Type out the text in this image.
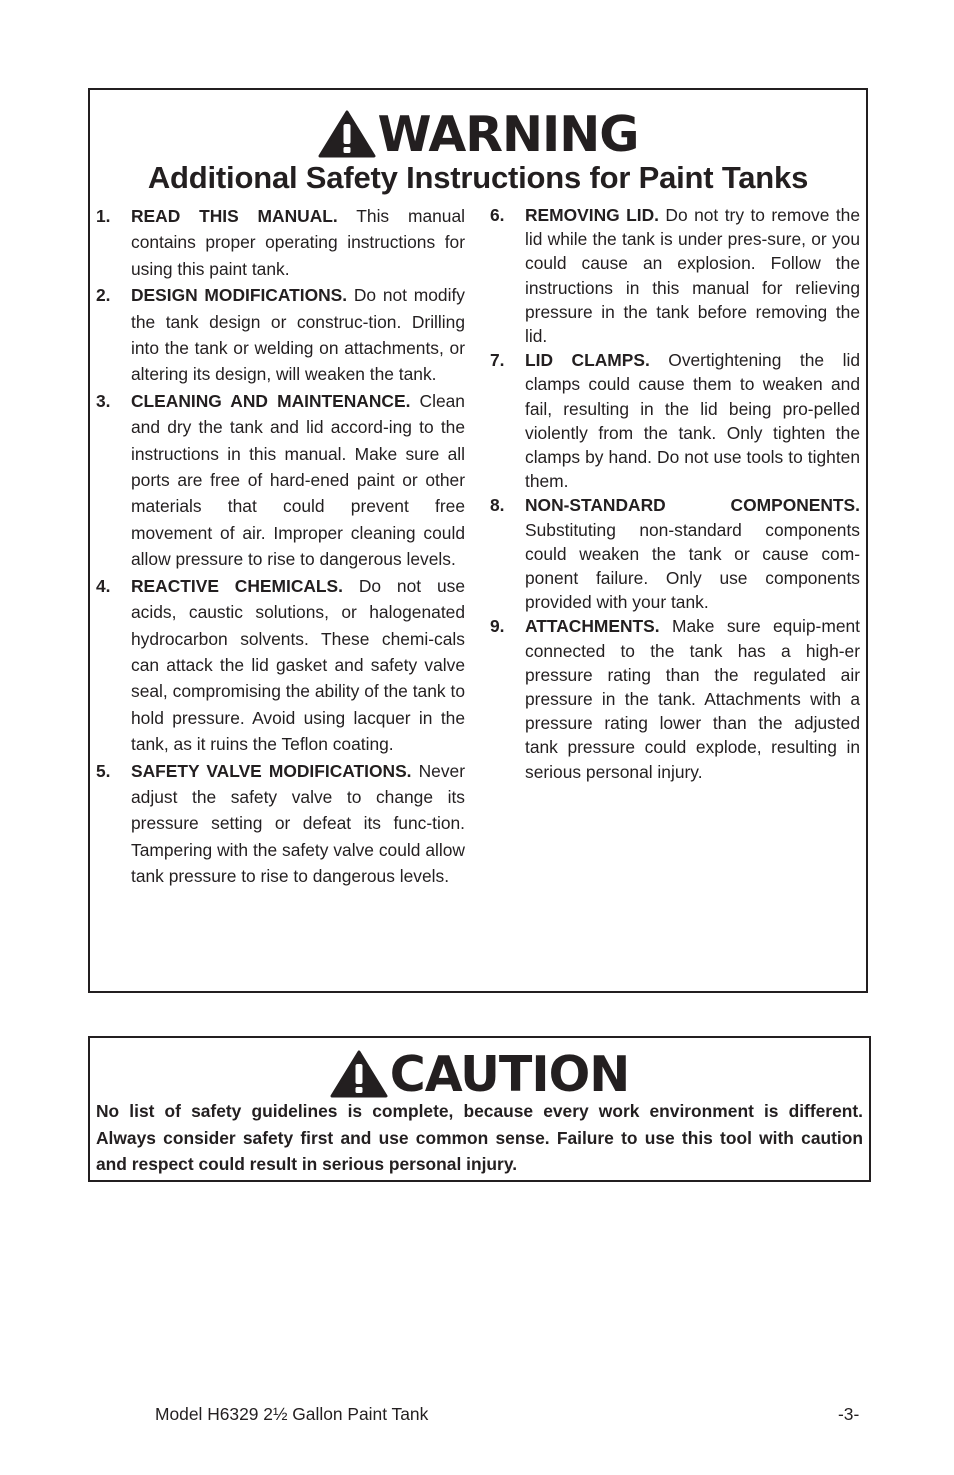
WARNING
Additional Safety Instructions for Paint Tanks
1.	READ THIS MANUAL. This manual contains proper operating instructions for using this paint tank.
2.	DESIGN MODIFICATIONS. Do not modify the tank design or construc-tion. Drilling into the tank or welding on attachments, or altering its design, will weaken the tank.
3.	CLEANING AND MAINTENANCE. Clean and dry the tank and lid accord-ing to the instructions in this manual. Make sure all ports are free of hard-ened paint or other materials that could prevent free movement of air. Improper cleaning could allow pressure to rise to dangerous levels.
4.	REACTIVE CHEMICALS. Do not use acids, caustic solutions, or halogenated hydrocarbon solvents. These chemi-cals can attack the lid gasket and safety valve seal, compromising the ability of the tank to hold pressure. Avoid using lacquer in the tank, as it ruins the Teflon coating.
5.	SAFETY VALVE MODIFICATIONS. Never adjust the safety valve to change its pressure setting or defeat its func-tion. Tampering with the safety valve could allow tank pressure to rise to dangerous levels.
6.	REMOVING LID. Do not try to remove the lid while the tank is under pres-sure, or you could cause an explosion. Follow the instructions in this manual for relieving pressure in the tank before removing the lid.
7.	LID CLAMPS. Overtightening the lid clamps could cause them to weaken and fail, resulting in the lid being pro-pelled violently from the tank. Only tighten the clamps by hand. Do not use tools to tighten them.
8.	NON-STANDARD COMPONENTS. Substituting non-standard components could weaken the tank or cause com-ponent failure. Only use components provided with your tank.
9.	ATTACHMENTS. Make sure equip-ment connected to the tank has a high-er pressure rating than the regulated air pressure in the tank. Attachments with a pressure rating lower than the adjusted tank pressure could explode, resulting in serious personal injury.
CAUTION
No list of safety guidelines is complete, because every work environment is different. Always consider safety first and use common sense. Failure to use this tool with caution and respect could result in serious personal injury.
Model H6329 2½ Gallon Paint Tank	-3-
